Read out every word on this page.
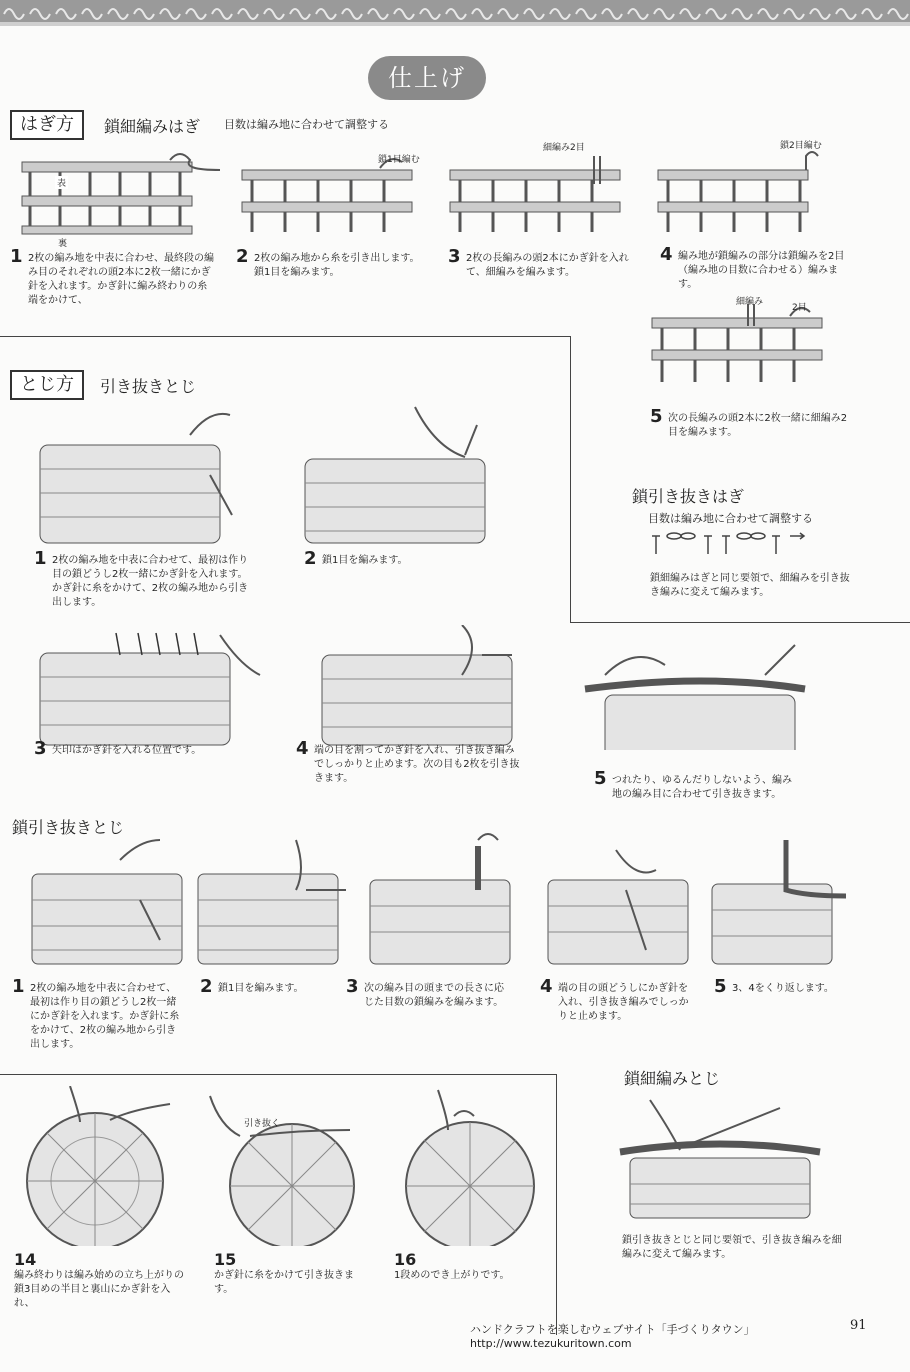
仕上げ
はぎ方	鎖細編みはぎ 目数は編み地に合わせて調整する
表
裏
鎖1目編む
細編み2目	鎖2目編む
1 2枚の編み地を中表に合わせ、最終段の編み目のそれぞれの頭2本に2枚一緒にかぎ針を入れます。かぎ針に編み終わりの糸端をかけて、
2 2枚の編み地から糸を引き出します。鎖1目を編みます。
3 2枚の長編みの頭2本にかぎ針を入れて、細編みを編みます。
4 編み地が鎖編みの部分は鎖編みを2目（編み地の目数に合わせる）編みます。
細編み
2目
5 次の長編みの頭2本に2枚一緒に細編み2目を編みます。
とじ方	引き抜きとじ
1 2枚の編み地を中表に合わせて、最初は作り目の鎖どうし2枚一緒にかぎ針を入れます。かぎ針に糸をかけて、2枚の編み地から引き出します。
2 鎖1目を編みます。
鎖引き抜きはぎ
目数は編み地に合わせて調整する
鎖細編みはぎと同じ要領で、細編みを引き抜き編みに変えて編みます。
3 矢印はかぎ針を入れる位置です。	4 端の目を割ってかぎ針を入れ、引き抜き編みでしっかりと止めます。次の目も2枚を引き抜きます。	5 つれたり、ゆるんだりしないよう、編み地の編み目に合わせて引き抜きます。
鎖引き抜きとじ
1 2枚の編み地を中表に合わせて、最初は作り目の鎖どうし2枚一緒にかぎ針を入れます。かぎ針に糸をかけて、2枚の編み地から引き出します。
2 鎖1目を編みます。 3 次の編み目の頭までの長さに応じた目数の鎖編みを編みます。
4 端の目の頭どうしにかぎ針を入れ、引き抜き編みでしっかりと止めます。
5 3、4をくり返します。
引き抜く
14
編み終わりは編み始めの立ち上がりの鎖3目めの半目と裏山にかぎ針を入れ、
15
かぎ針に糸をかけて引き抜きます。
16
1段めのでき上がりです。
鎖細編みとじ
鎖引き抜きとじと同じ要領で、引き抜き編みを細編みに変えて編みます。
ハンドクラフトを楽しむウェブサイト「手づくりタウン」http://www.tezukuritown.com
91
